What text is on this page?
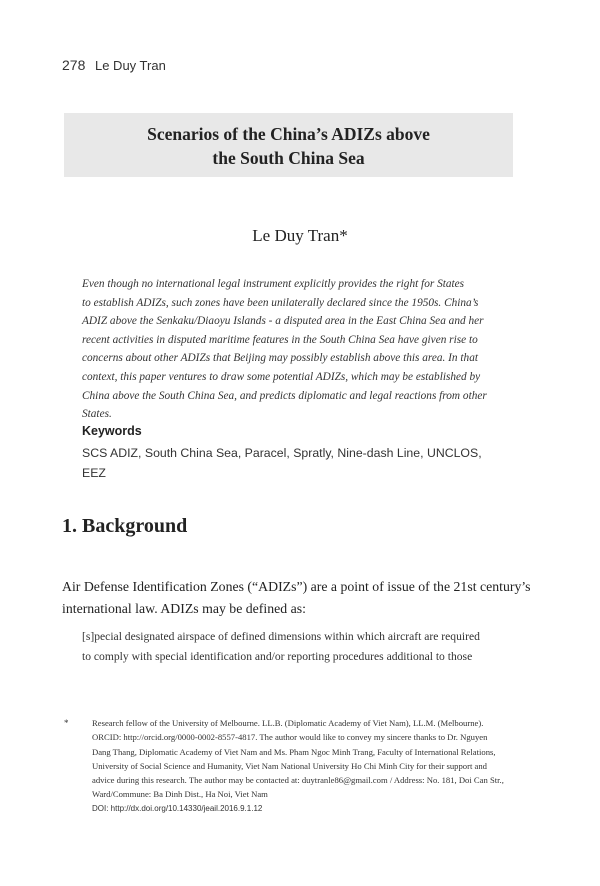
278 Le Duy Tran
Scenarios of the China’s ADIZs above
the South China Sea
Le Duy Tran*
Even though no international legal instrument explicitly provides the right for States
to establish ADIZs, such zones have been unilaterally declared since the 1950s. China’s
ADIZ above the Senkaku/Diaoyu Islands - a disputed area in the East China Sea and her
recent activities in disputed maritime features in the South China Sea have given rise to
concerns about other ADIZs that Beijing may possibly establish above this area. In that
context, this paper ventures to draw some potential ADIZs, which may be established by
China above the South China Sea, and predicts diplomatic and legal reactions from other
States.
Keywords
SCS ADIZ, South China Sea, Paracel, Spratly, Nine-dash Line, UNCLOS,
EEZ
1. Background
Air Defense Identification Zones (“ADIZs”) are a point of issue of the 21st century’s
international law. ADIZs may be defined as:
[s]pecial designated airspace of defined dimensions within which aircraft are required
to comply with special identification and/or reporting procedures additional to those
*	Research fellow of the University of Melbourne. LL.B. (Diplomatic Academy of Viet Nam), LL.M. (Melbourne).
ORCID: http://orcid.org/0000-0002-8557-4817. The author would like to convey my sincere thanks to Dr. Nguyen
Dang Thang, Diplomatic Academy of Viet Nam and Ms. Pham Ngoc Minh Trang, Faculty of International Relations,
University of Social Science and Humanity, Viet Nam National University Ho Chi Minh City for their support and
advice during this research. The author may be contacted at: duytranle86@gmail.com / Address: No. 181, Doi Can Str.,
Ward/Commune: Ba Dinh Dist., Ha Noi, Viet Nam
DOI: http://dx.doi.org/10.14330/jeail.2016.9.1.12
